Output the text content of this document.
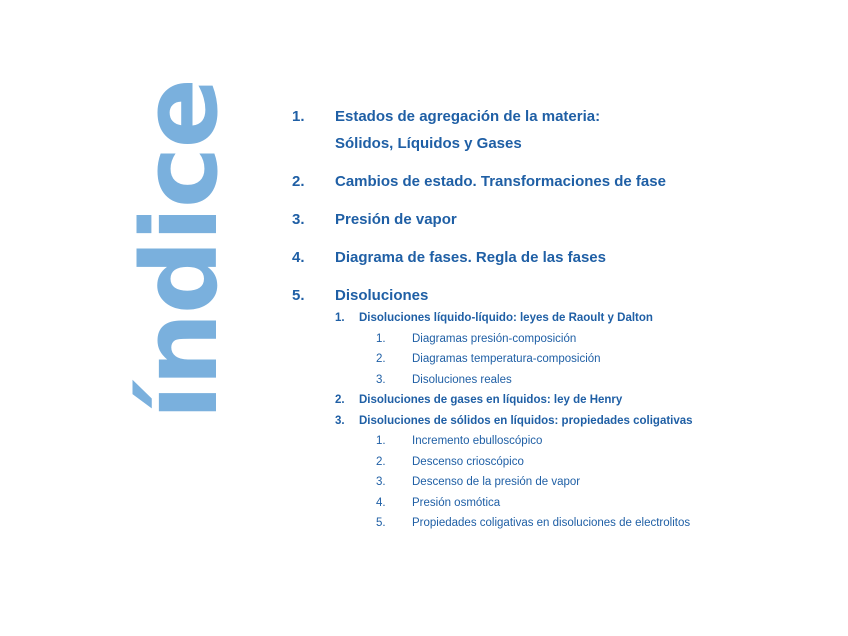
índice	1. Estados de agregación de la materia:
Sólidos, Líquidos y Gases
2. Cambios de estado. Transformaciones de fase
3. Presión de vapor
4. Diagrama de fases. Regla de las fases
5. Disoluciones
1. Disoluciones líquido-líquido: leyes de Raoult y Dalton
1. Diagramas presión-composición
2. Diagramas temperatura-composición
3. Disoluciones reales
2. Disoluciones de gases en líquidos: ley de Henry
3. Disoluciones de sólidos en líquidos: propiedades coligativas
1. Incremento ebulloscópico
2. Descenso crioscópico
3. Descenso de la presión de vapor
4. Presión osmótica
5. Propiedades coligativas en disoluciones de electrolitos
